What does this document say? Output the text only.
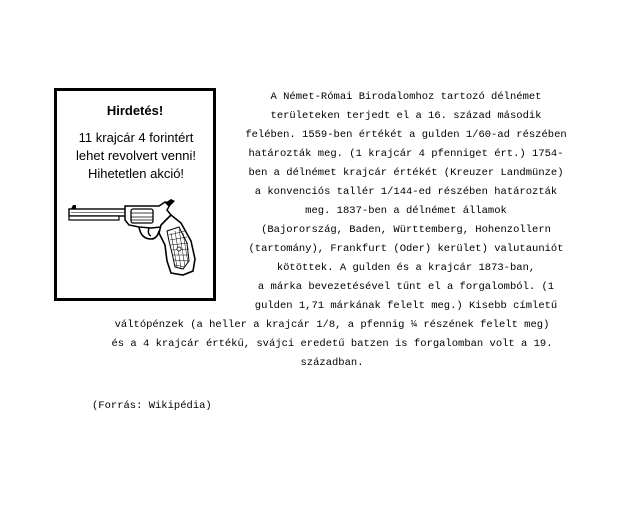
Hirdetés!
11 krajcár 4 forintért
lehet revolvert venni!
Hihetetlen akció!
A Német-Római Birodalomhoz tartozó délnémet
területeken terjedt el a 16. század második
felében. 1559-ben értékét a gulden 1/60-ad részében
határozták meg. (1 krajcár 4 pfenniget ért.) 1754-
ben a délnémet krajcár értékét (Kreuzer Landmünze)
a konvenciós tallér 1/144-ed részében határozták
meg. 1837-ben a délnémet államok
(Bajorország, Baden, Württemberg, Hohenzollern
(tartomány), Frankfurt (Oder) kerület) valutauniót
kötöttek. A gulden és a krajcár 1873-ban,
a márka bevezetésével tűnt el a forgalomból. (1
gulden 1,71 márkának felelt meg.) Kisebb címletű
váltópénzek (a heller a krajcár 1/8, a pfennig ¼ részének felelt meg)
és a 4 krajcár értékű, svájci eredetű batzen is forgalomban volt a 19.
században.
(Forrás: Wikipédia)
